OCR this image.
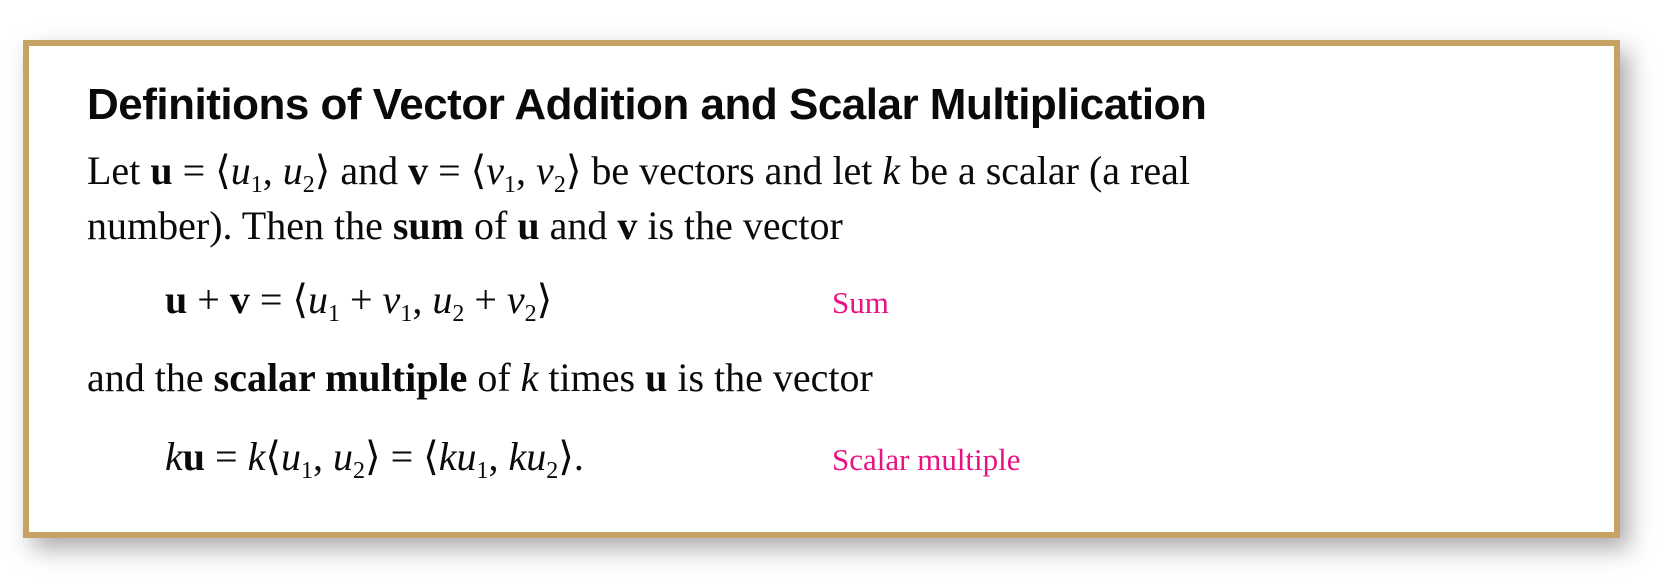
Definitions of Vector Addition and Scalar Multiplication
Let u = ⟨u1, u2⟩ and v = ⟨v1, v2⟩ be vectors and let k be a scalar (a real
number). Then the sum of u and v is the vector
u + v = ⟨u1 + v1, u2 + v2⟩	Sum
and the scalar multiple of k times u is the vector
ku = k⟨u1, u2⟩ = ⟨ku1, ku2⟩.	Scalar multiple
